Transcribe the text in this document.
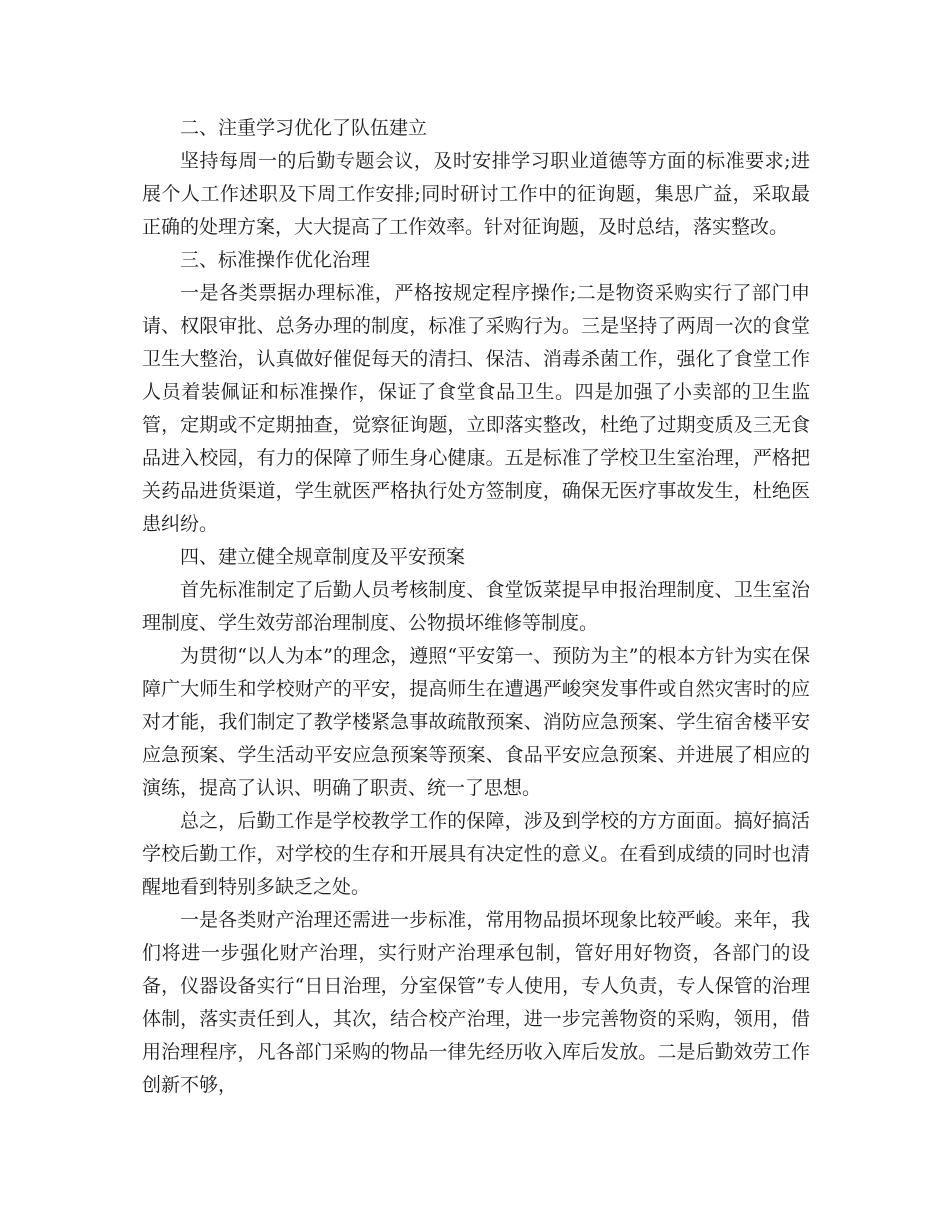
二、注重学习优化了队伍建立

坚持每周一的后勤专题会议，及时安排学习职业道德等方面的标准要求;进展个人工作述职及下周工作安排;同时研讨工作中的征询题，集思广益，采取最正确的处理方案，大大提高了工作效率。针对征询题，及时总结，落实整改。

三、标准操作优化治理

一是各类票据办理标准，严格按规定程序操作;二是物资采购实行了部门申请、权限审批、总务办理的制度，标准了采购行为。三是坚持了两周一次的食堂卫生大整治，认真做好催促每天的清扫、保洁、消毒杀菌工作，强化了食堂工作人员着装佩证和标准操作，保证了食堂食品卫生。四是加强了小卖部的卫生监管，定期或不定期抽查，觉察征询题，立即落实整改，杜绝了过期变质及三无食品进入校园，有力的保障了师生身心健康。五是标准了学校卫生室治理，严格把关药品进货渠道，学生就医严格执行处方签制度，确保无医疗事故发生，杜绝医患纠纷。

四、建立健全规章制度及平安预案

首先标准制定了后勤人员考核制度、食堂饭菜提早申报治理制度、卫生室治理制度、学生效劳部治理制度、公物损坏维修等制度。

为贯彻“以人为本”的理念，遵照“平安第一、预防为主”的根本方针为实在保障广大师生和学校财产的平安，提高师生在遭遇严峻突发事件或自然灾害时的应对才能，我们制定了教学楼紧急事故疏散预案、消防应急预案、学生宿舍楼平安应急预案、学生活动平安应急预案等预案、食品平安应急预案、并进展了相应的演练，提高了认识、明确了职责、统一了思想。

总之，后勤工作是学校教学工作的保障，涉及到学校的方方面面。搞好搞活学校后勤工作，对学校的生存和开展具有决定性的意义。在看到成绩的同时也清醒地看到特别多缺乏之处。

一是各类财产治理还需进一步标准，常用物品损坏现象比较严峻。来年，我们将进一步强化财产治理，实行财产治理承包制，管好用好物资，各部门的设备，仪器设备实行“日日治理，分室保管”专人使用，专人负责，专人保管的治理体制，落实责任到人，其次，结合校产治理，进一步完善物资的采购，领用，借用治理程序，凡各部门采购的物品一律先经历收入库后发放。二是后勤效劳工作创新不够，
